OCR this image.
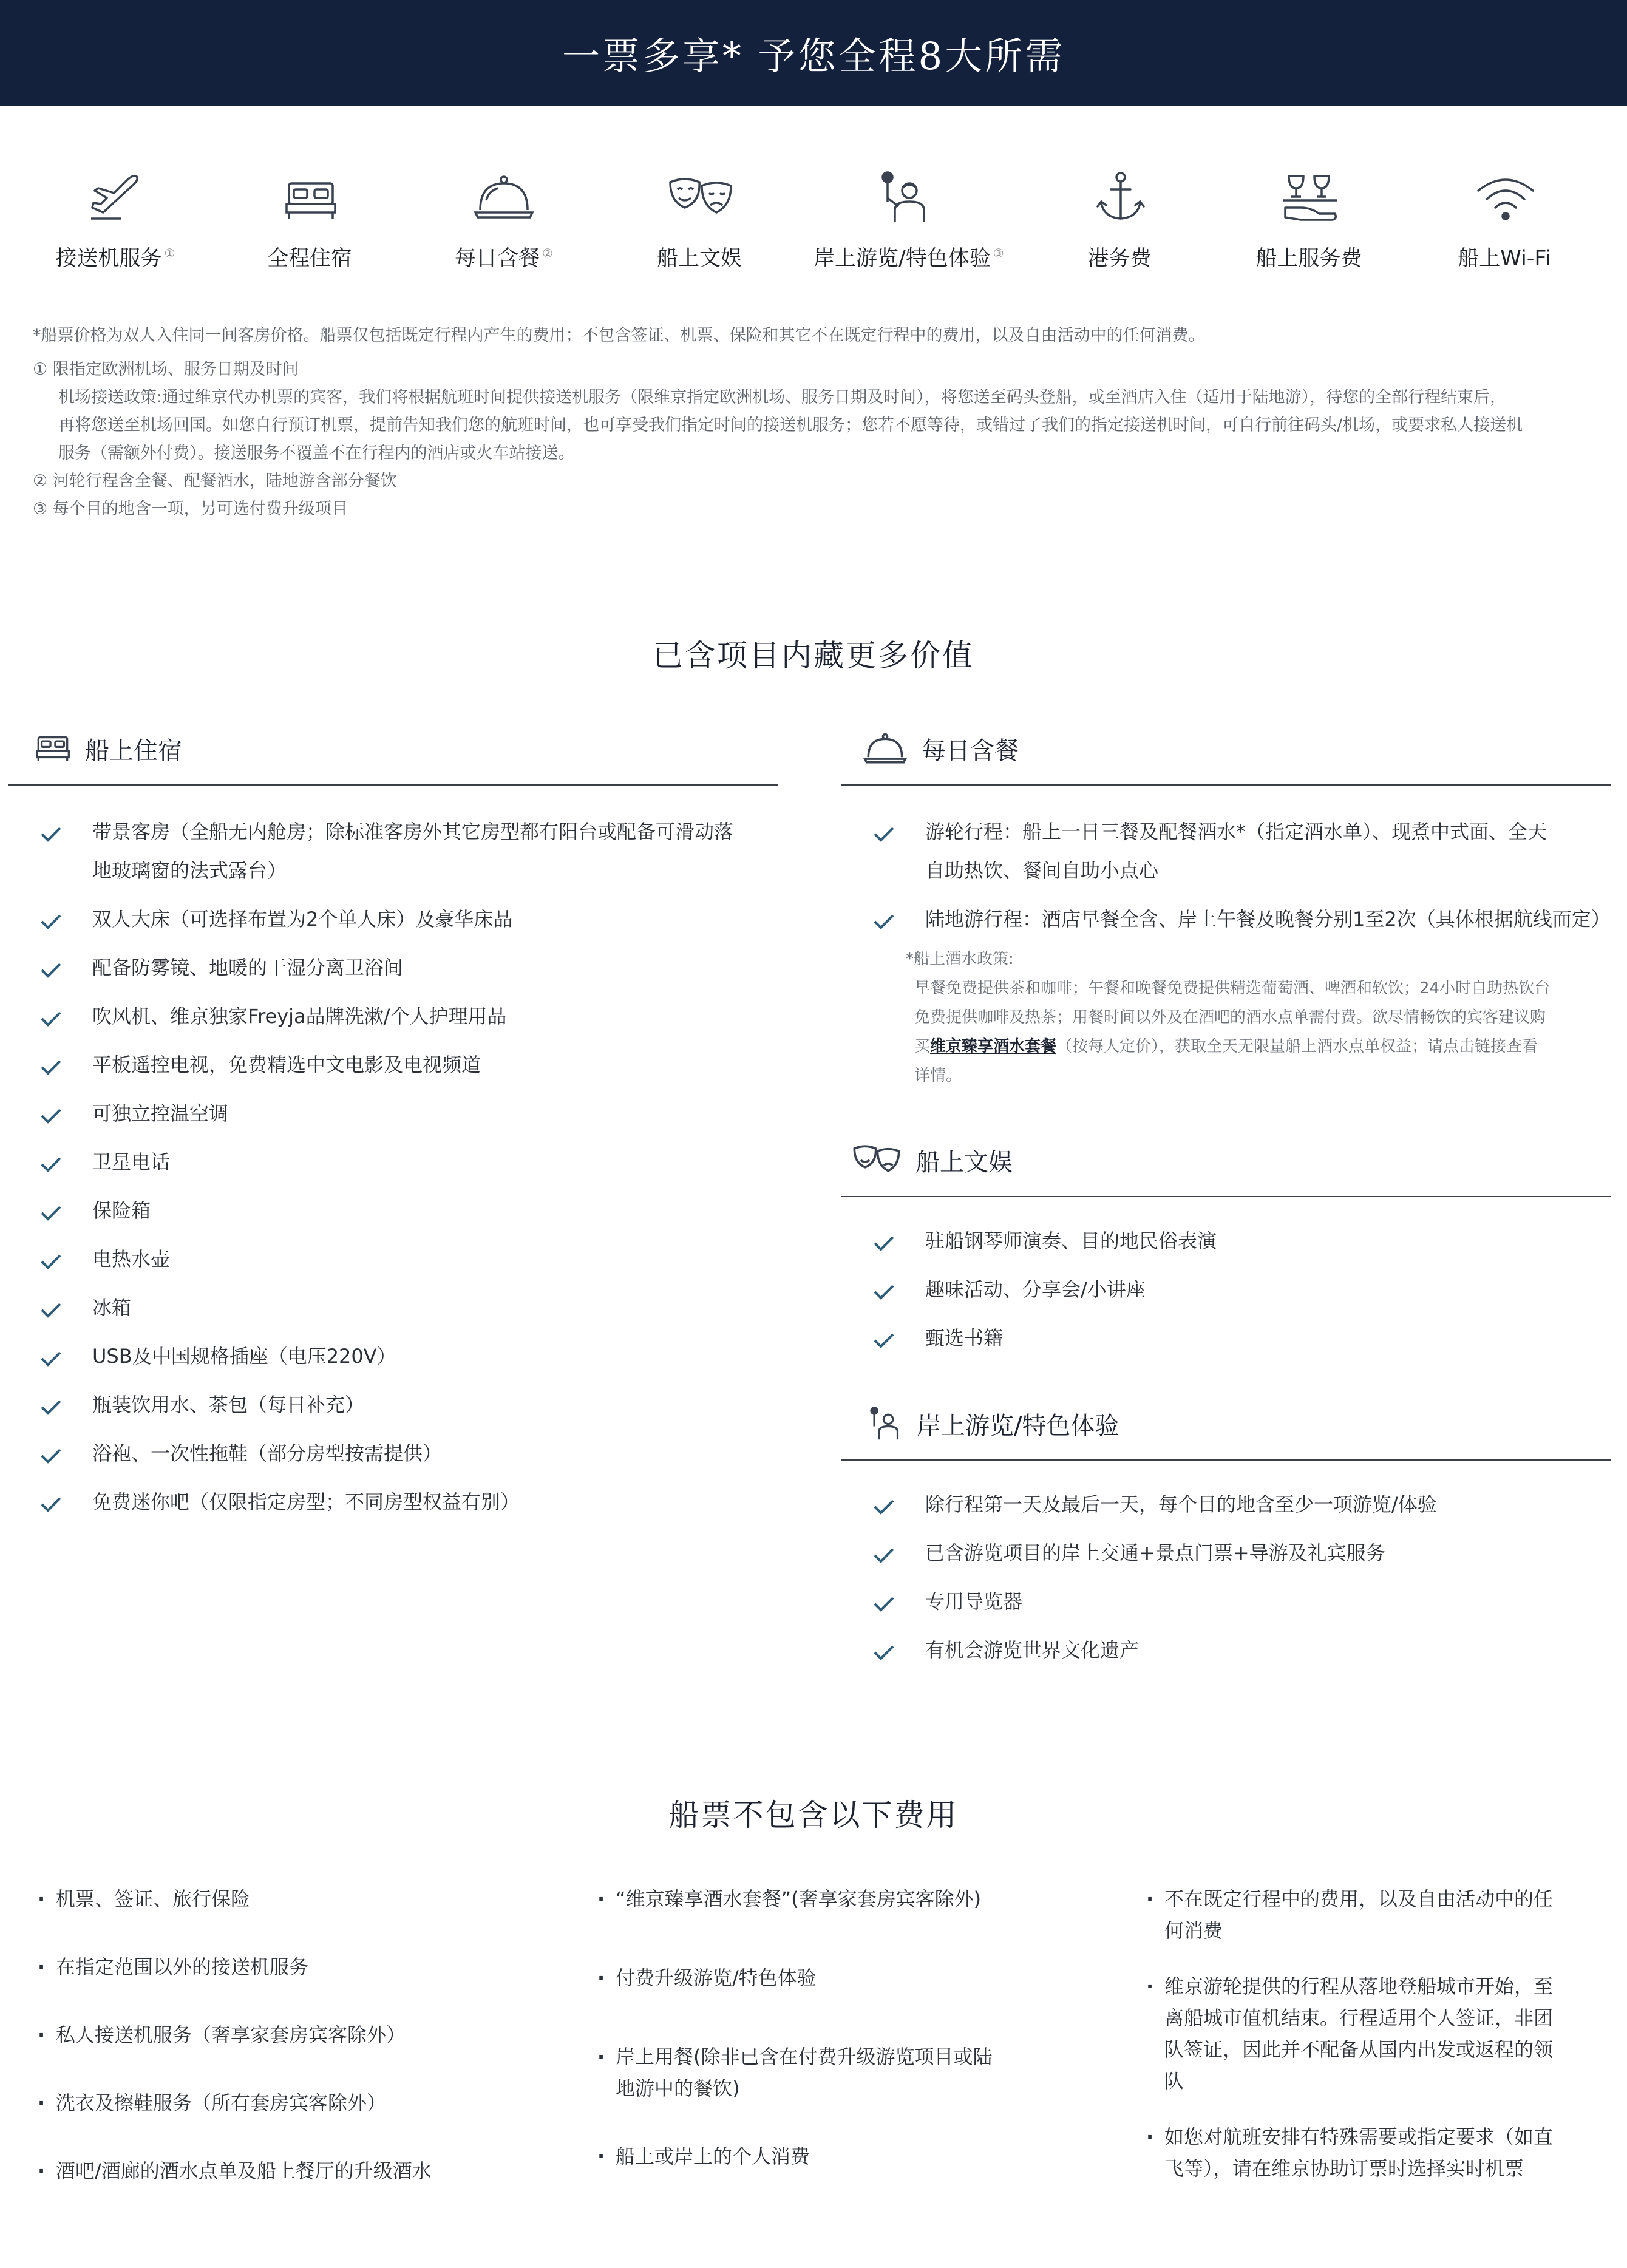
一票多享* 予您全程8大所需
接送机服务 ①	全程住宿	每日含餐 ②	船上文娱	岸上游览/特色体验 ③	港务费	船上服务费	船上Wi-Fi
*船票价格为双人入住同一间客房价格。船票仅包括既定行程内产生的费用；不包含签证、机票、保险和其它不在既定行程中的费用，以及自由活动中的任何消费。
① 限指定欧洲机场、服务日期及时间
机场接送政策:通过维京代办机票的宾客，我们将根据航班时间提供接送机服务（限维京指定欧洲机场、服务日期及时间），将您送至码头登船，或至酒店入住（适用于陆地游），待您的全部行程结束后，
再将您送至机场回国。如您自行预订机票，提前告知我们您的航班时间，也可享受我们指定时间的接送机服务；您若不愿等待，或错过了我们的指定接送机时间，可自行前往码头/机场，或要求私人接送机
服务（需额外付费）。接送服务不覆盖不在行程内的酒店或火车站接送。
② 河轮行程含全餐、配餐酒水，陆地游含部分餐饮
③ 每个目的地含一项，另可选付费升级项目
已含项目内藏更多价值
船上住宿
带景客房（全船无内舱房；除标准客房外其它房型都有阳台或配备可滑动落
地玻璃窗的法式露台）
双人大床（可选择布置为2个单人床）及豪华床品
配备防雾镜、地暖的干湿分离卫浴间
吹风机、维京独家Freyja品牌洗漱/个人护理用品
平板遥控电视，免费精选中文电影及电视频道
可独立控温空调
卫星电话
保险箱
电热水壶
冰箱
USB及中国规格插座（电压220V）
瓶装饮用水、茶包（每日补充）
浴袍、一次性拖鞋（部分房型按需提供）
免费迷你吧（仅限指定房型；不同房型权益有别）
每日含餐
游轮行程：船上一日三餐及配餐酒水*（指定酒水单）、现煮中式面、全天
自助热饮、餐间自助小点心
陆地游行程：酒店早餐全含、岸上午餐及晚餐分别1至2次（具体根据航线而定）
*船上酒水政策:
早餐免费提供茶和咖啡；午餐和晚餐免费提供精选葡萄酒、啤酒和软饮；24小时自助热饮台
免费提供咖啡及热茶；用餐时间以外及在酒吧的酒水点单需付费。欲尽情畅饮的宾客建议购
买维京臻享酒水套餐（按每人定价），获取全天无限量船上酒水点单权益；请点击链接查看
详情。
船上文娱
驻船钢琴师演奏、目的地民俗表演
趣味活动、分享会/小讲座
甄选书籍
岸上游览/特色体验
除行程第一天及最后一天，每个目的地含至少一项游览/体验
已含游览项目的岸上交通+景点门票+导游及礼宾服务
专用导览器
有机会游览世界文化遗产
船票不包含以下费用
· 机票、签证、旅行保险
· 在指定范围以外的接送机服务
· 私人接送机服务（奢享家套房宾客除外）
· 洗衣及擦鞋服务（所有套房宾客除外）
· 酒吧/酒廊的酒水点单及船上餐厅的升级酒水
· “维京臻享酒水套餐”(奢享家套房宾客除外)
· 付费升级游览/特色体验
· 岸上用餐(除非已含在付费升级游览项目或陆
地游中的餐饮)
· 船上或岸上的个人消费
· 不在既定行程中的费用，以及自由活动中的任
何消费
· 维京游轮提供的行程从落地登船城市开始，至
离船城市值机结束。行程适用个人签证，非团
队签证，因此并不配备从国内出发或返程的领
队
· 如您对航班安排有特殊需要或指定要求（如直
飞等），请在维京协助订票时选择实时机票
